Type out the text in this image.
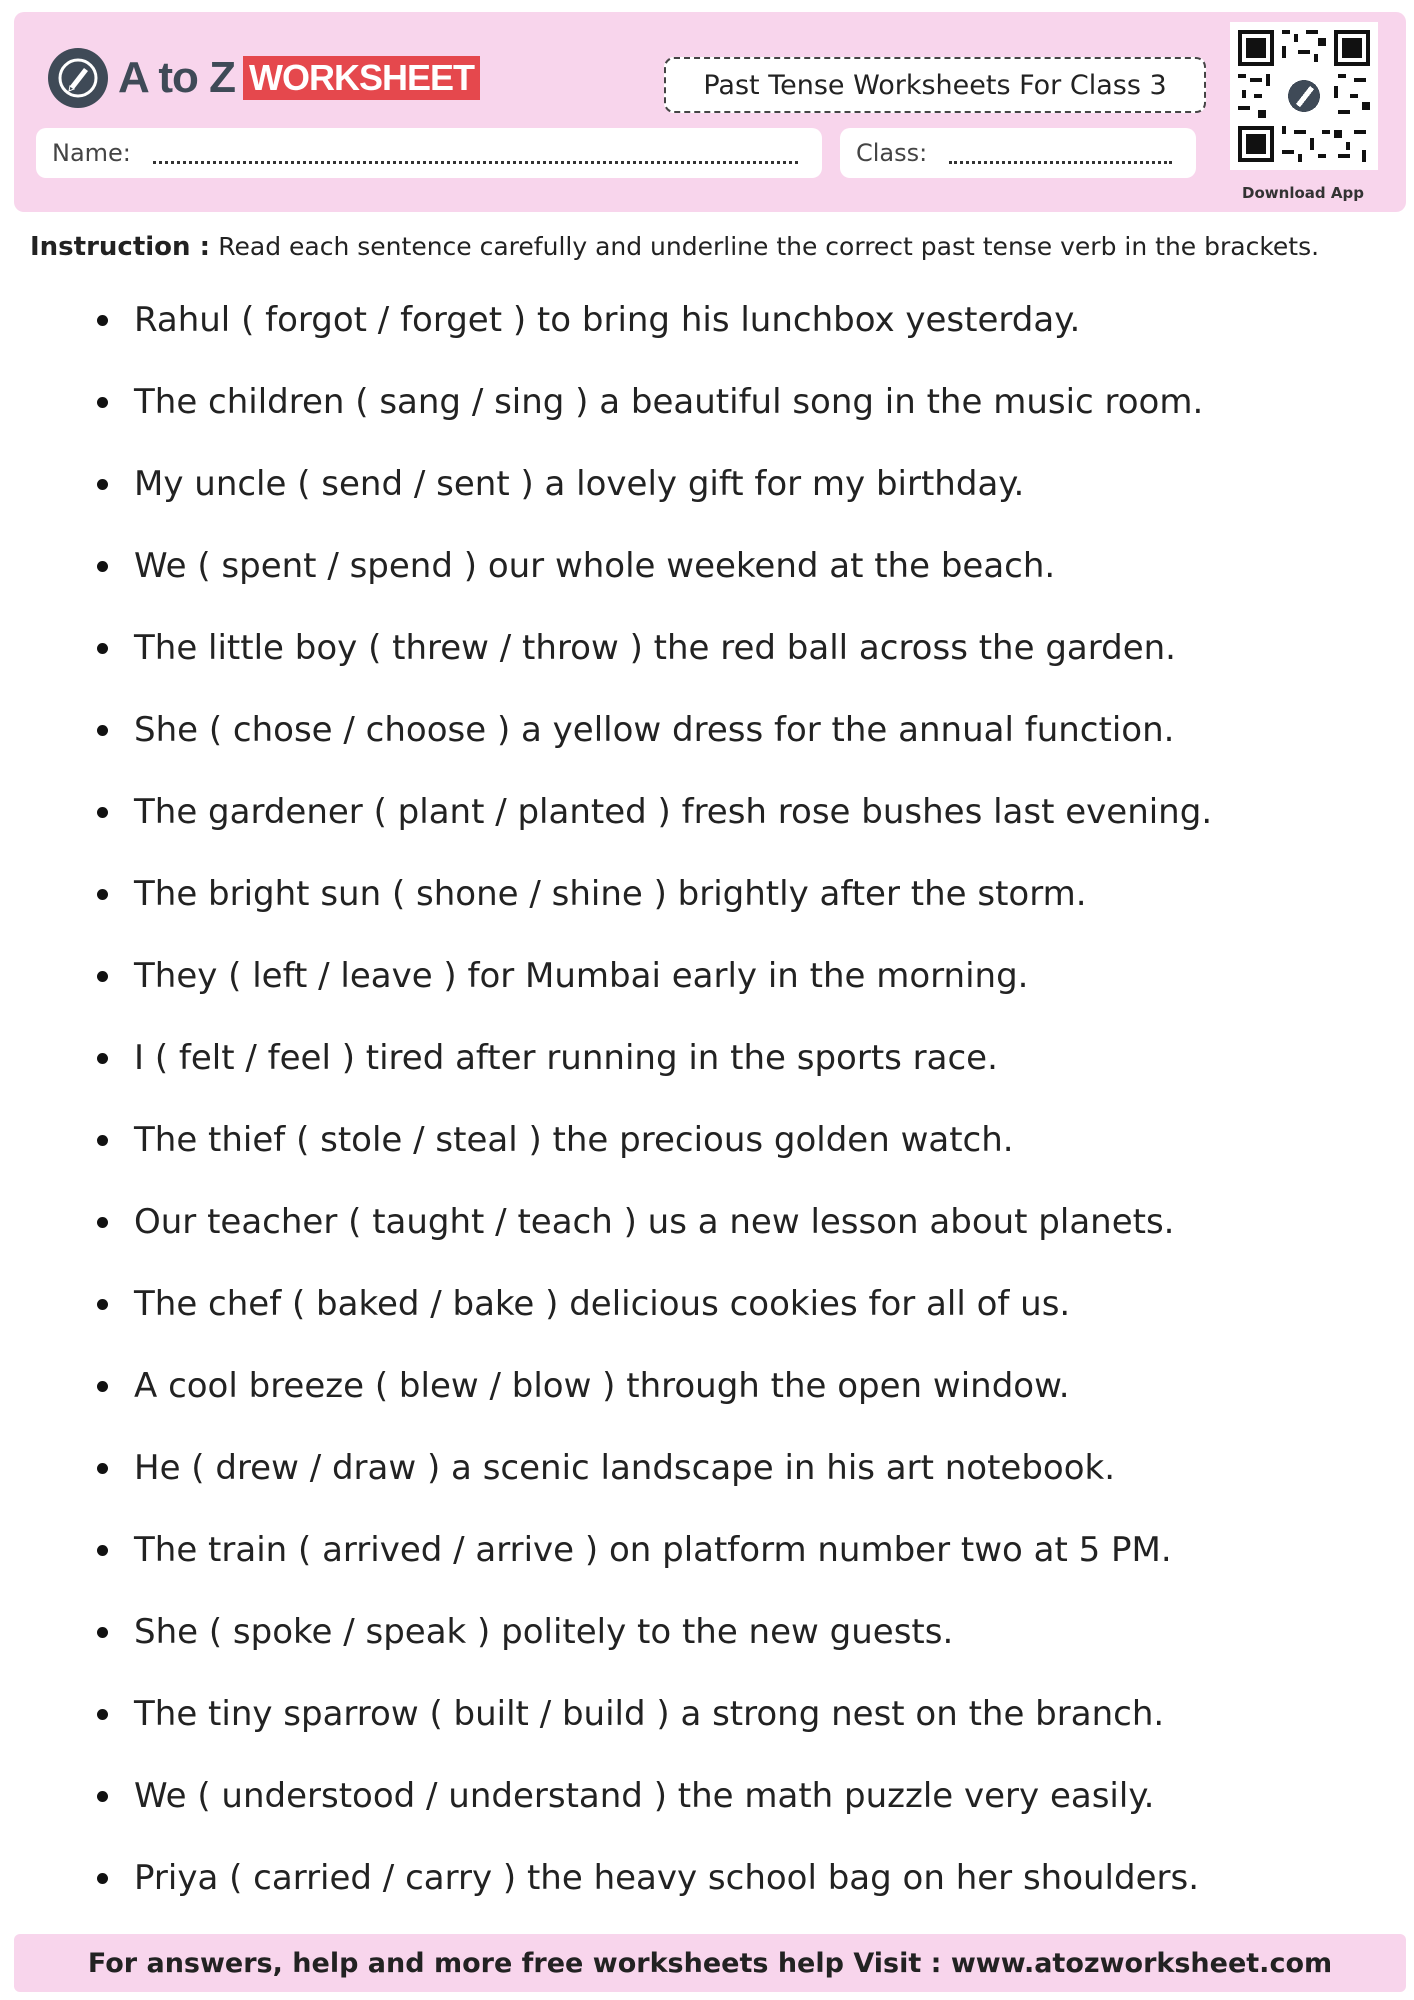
A to Z WORKSHEET	Past Tense Worksheets For Class 3
Name:	Class:
Download App
Instruction : Read each sentence carefully and underline the correct past tense verb in the brackets.
Rahul ( forgot / forget ) to bring his lunchbox yesterday.
The children ( sang / sing ) a beautiful song in the music room.
My uncle ( send / sent ) a lovely gift for my birthday.
We ( spent / spend ) our whole weekend at the beach.
The little boy ( threw / throw ) the red ball across the garden.
She ( chose / choose ) a yellow dress for the annual function.
The gardener ( plant / planted ) fresh rose bushes last evening.
The bright sun ( shone / shine ) brightly after the storm.
They ( left / leave ) for Mumbai early in the morning.
I ( felt / feel ) tired after running in the sports race.
The thief ( stole / steal ) the precious golden watch.
Our teacher ( taught / teach ) us a new lesson about planets.
The chef ( baked / bake ) delicious cookies for all of us.
A cool breeze ( blew / blow ) through the open window.
He ( drew / draw ) a scenic landscape in his art notebook.
The train ( arrived / arrive ) on platform number two at 5 PM.
She ( spoke / speak ) politely to the new guests.
The tiny sparrow ( built / build ) a strong nest on the branch.
We ( understood / understand ) the math puzzle very easily.
Priya ( carried / carry ) the heavy school bag on her shoulders.
For answers, help and more free worksheets help Visit : www.atozworksheet.com
